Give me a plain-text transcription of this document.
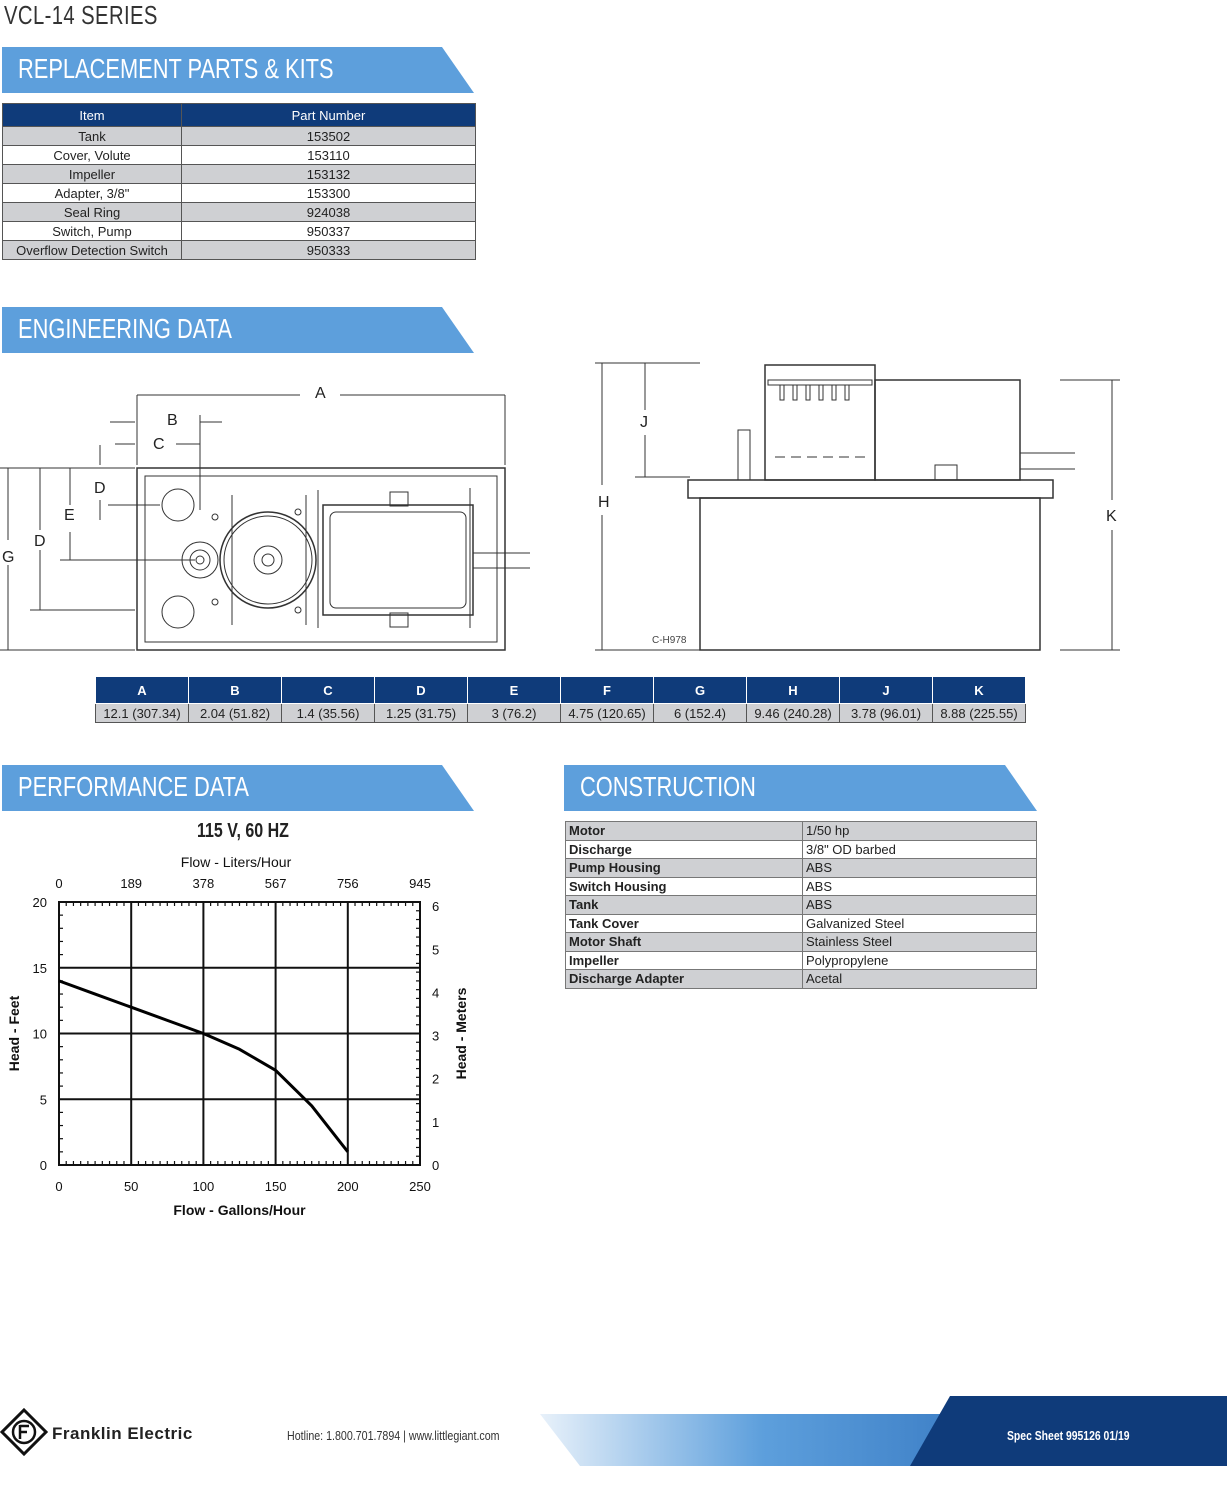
VCL-14 SERIES
REPLACEMENT PARTS & KITS
ENGINEERING DATA
PERFORMANCE DATA	CONSTRUCTION
Item	Part Number
Tank	153502
Cover, Volute	153110
Impeller	153132
Adapter, 3/8"	153300
Seal Ring	924038
Switch, Pump	950337
Overflow Detection Switch	950333
A
B
C
D
E
D
G
H
J
K
C-H978
A	B	C	D	E	F	G	H	J	K
12.1 (307.34)	2.04 (51.82)	1.4 (35.56)	1.25 (31.75)	3 (76.2)	4.75 (120.65)	6 (152.4)	9.46 (240.28)	3.78 (96.01)	8.88 (225.55)
115 V, 60 HZ
0	50	100	150	200	250
0	189	378	567	756	945
0
5
10
15
20
0
1
2
3
4
5
6
Flow - Gallons/Hour
Flow - Liters/Hour
Head - Feet	Head - Meters
Motor	1/50 hp
Discharge	3/8" OD barbed
Pump Housing	ABS
Switch Housing	ABS
Tank	ABS
Tank Cover	Galvanized Steel
Motor Shaft	Stainless Steel
Impeller	Polypropylene
Discharge Adapter	Acetal
Franklin Electric	Hotline: 1.800.701.7894 | www.littlegiant.com	Spec Sheet 995126 01/19
